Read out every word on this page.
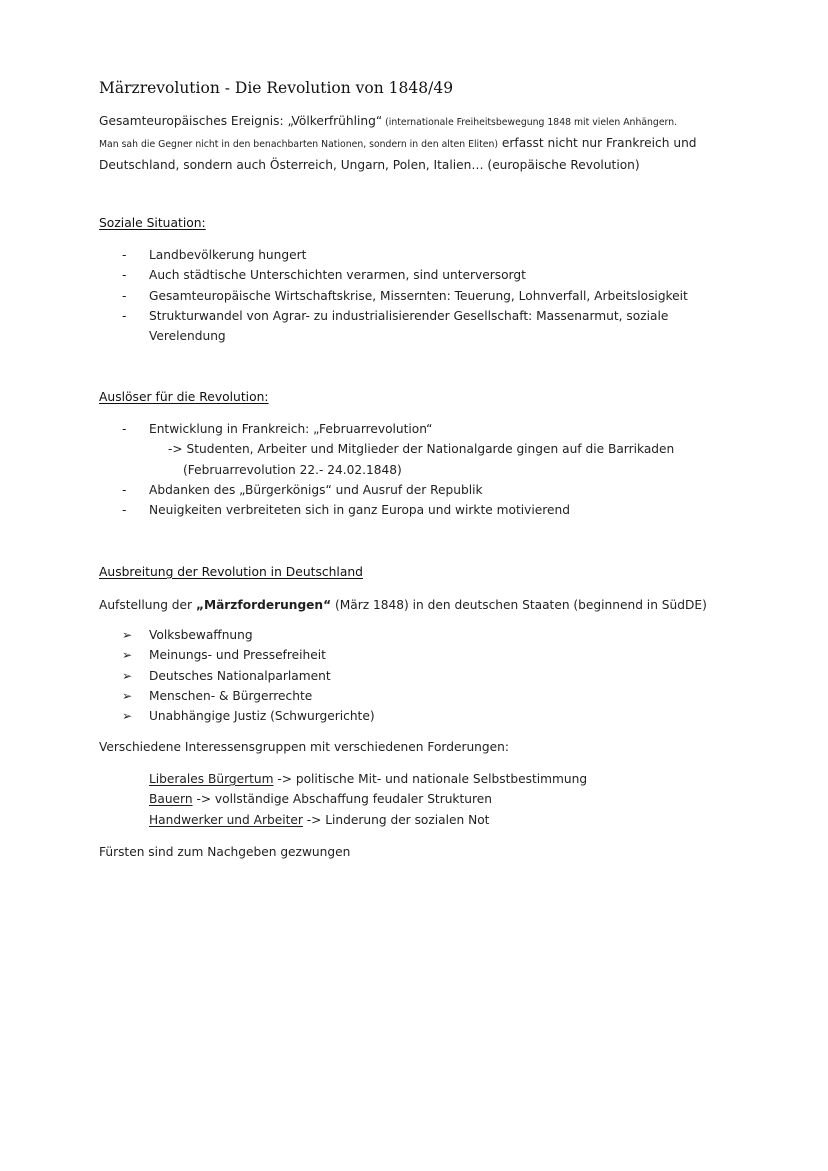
Märzrevolution - Die Revolution von 1848/49
Gesamteuropäisches Ereignis: „Völkerfrühling“ (internationale Freiheitsbewegung 1848 mit vielen Anhängern.
Man sah die Gegner nicht in den benachbarten Nationen, sondern in den alten Eliten) erfasst nicht nur Frankreich und
Deutschland, sondern auch Österreich, Ungarn, Polen, Italien… (europäische Revolution)
Soziale Situation:
- Landbevölkerung hungert
- Auch städtische Unterschichten verarmen, sind unterversorgt
- Gesamteuropäische Wirtschaftskrise, Missernten: Teuerung, Lohnverfall, Arbeitslosigkeit
- Strukturwandel von Agrar- zu industrialisierender Gesellschaft: Massenarmut, soziale
Verelendung
Auslöser für die Revolution:
- Entwicklung in Frankreich: „Februarrevolution“
-> Studenten, Arbeiter und Mitglieder der Nationalgarde gingen auf die Barrikaden
(Februarrevolution 22.- 24.02.1848)
- Abdanken des „Bürgerkönigs“ und Ausruf der Republik
- Neuigkeiten verbreiteten sich in ganz Europa und wirkte motivierend
Ausbreitung der Revolution in Deutschland

Aufstellung der „Märzforderungen“ (März 1848) in den deutschen Staaten (beginnend in SüdDE)

➢ Volksbewaffnung
➢ Meinungs- und Pressefreiheit
➢ Deutsches Nationalparlament
➢ Menschen- & Bürgerrechte
➢ Unabhängige Justiz (Schwurgerichte)

Verschiedene Interessensgruppen mit verschiedenen Forderungen:

Liberales Bürgertum -> politische Mit- und nationale Selbstbestimmung
Bauern -> vollständige Abschaffung feudaler Strukturen
Handwerker und Arbeiter -> Linderung der sozialen Not

Fürsten sind zum Nachgeben gezwungen
